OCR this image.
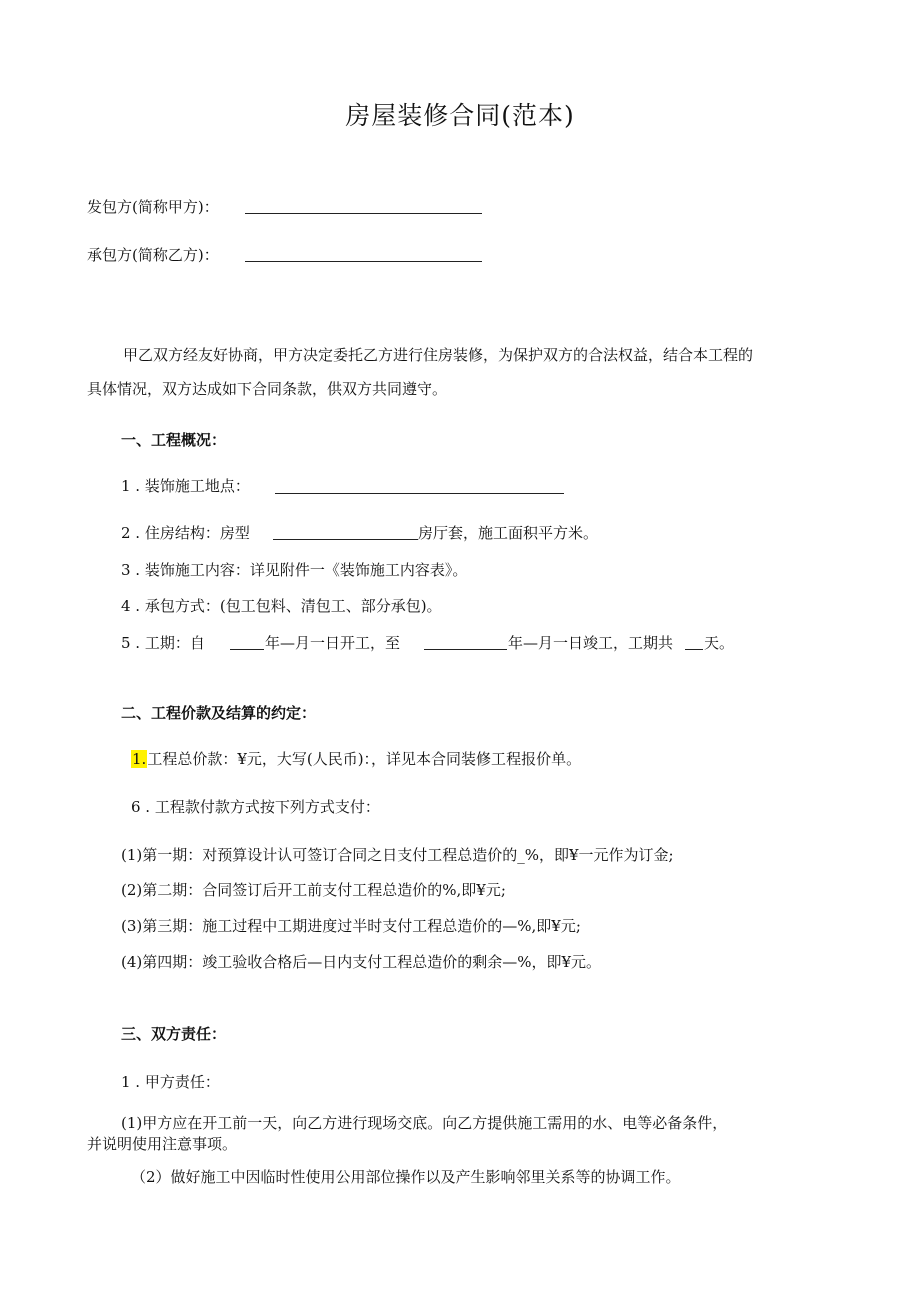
房屋装修合同(范本)
发包方(简称甲方)：
承包方(简称乙方)：
甲乙双方经友好协商，甲方决定委托乙方进行住房装修，为保护双方的合法权益，结合本工程的
具体情况，双方达成如下合同条款，供双方共同遵守。
一、工程概况：
1 . 装饰施工地点：
2 . 住房结构：房型	房厅套，施工面积平方米。
3 . 装饰施工内容：详见附件一《装饰施工内容表》。
4 . 承包方式：(包工包料、清包工、部分承包)。
5 . 工期：自	年—月一日开工，至	年—月一日竣工，工期共 天。
二、工程价款及结算的约定：
1.工程总价款：¥元，大写(人民币)：，详见本合同装修工程报价单。
6 . 工程款付款方式按下列方式支付：
(1)第一期：对预算设计认可签订合同之日支付工程总造价的_%，即¥一元作为订金;
(2)第二期：合同签订后开工前支付工程总造价的%,即¥元;
(3)第三期：施工过程中工期进度过半时支付工程总造价的—%,即¥元;
(4)第四期：竣工验收合格后—日内支付工程总造价的剩余—%，即¥元。
三、双方责任：
1 . 甲方责任：
(1)甲方应在开工前一天，向乙方进行现场交底。向乙方提供施工需用的水、电等必备条件，
并说明使用注意事项。
（2）做好施工中因临时性使用公用部位操作以及产生影响邻里关系等的协调工作。
